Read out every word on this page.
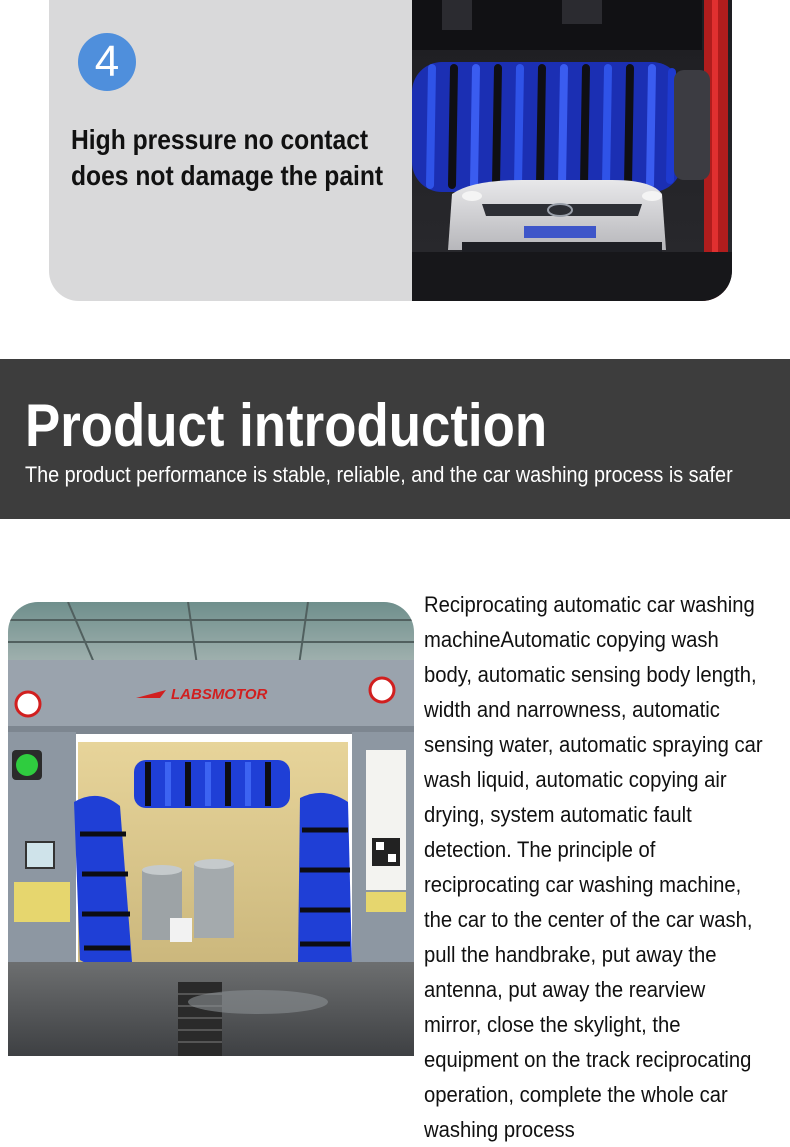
4
High pressure no contact
does not damage the paint
Product introduction

The product performance is stable, reliable, and the car washing process is safer

LABSMOTOR

Reciprocating automatic car washing machineAutomatic copying wash body, automatic sensing body length, width and narrowness, automatic sensing water, automatic spraying car wash liquid, automatic copying air drying, system automatic fault detection. The principle of reciprocating car washing machine, the car to the center of the car wash, pull the handbrake, put away the antenna, put away the rearview mirror, close the skylight, the equipment on the track reciprocating operation, complete the whole car washing process
